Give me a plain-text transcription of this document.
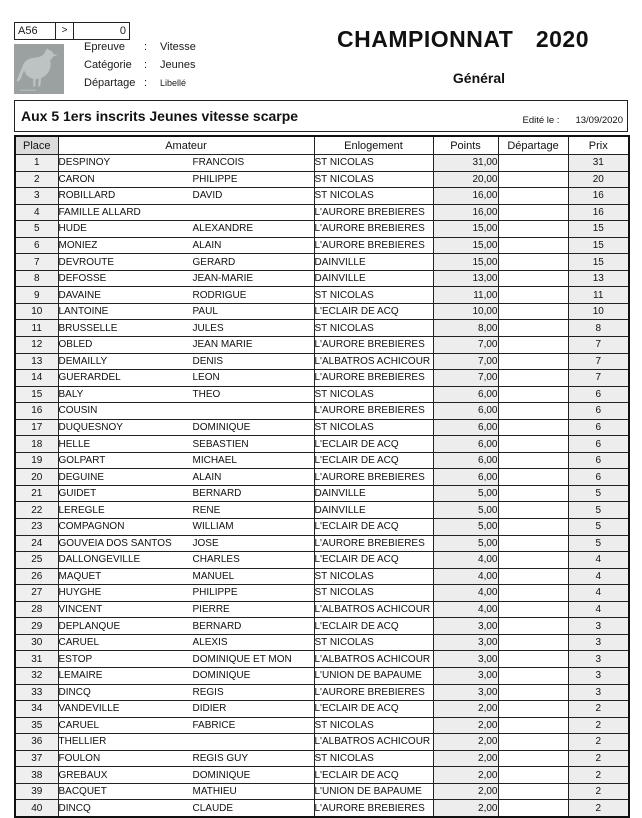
A56	>	0
Epreuve	:	Vitesse
Catégorie	:	Jeunes
Départage :	Libellé
CHAMPIONNAT 2020
Général
Aux 5 1ers inscrits Jeunes vitesse scarpe	Edité le : 13/09/2020
Place	Amateur	Enlogement	Points	Départage	Prix
1	DESPINOY FRANCOIS	ST NICOLAS	31,00		31
2	CARON PHILIPPE	ST NICOLAS	20,00		20
3	ROBILLARD DAVID	ST NICOLAS	16,00		16
4	FAMILLE ALLARD	L'AURORE BREBIERES	16,00		16
5	HUDE ALEXANDRE	L'AURORE BREBIERES	15,00		15
6	MONIEZ ALAIN	L'AURORE BREBIERES	15,00		15
7	DEVROUTE GERARD	DAINVILLE	15,00		15
8	DEFOSSE JEAN-MARIE	DAINVILLE	13,00		13
9	DAVAINE RODRIGUE	ST NICOLAS	11,00		11
10	LANTOINE PAUL	L'ECLAIR DE ACQ	10,00		10
11	BRUSSELLE JULES	ST NICOLAS	8,00		8
12	OBLED JEAN MARIE	L'AURORE BREBIERES	7,00		7
13	DEMAILLY DENIS	L'ALBATROS ACHICOUR	7,00		7
14	GUERARDEL LEON	L'AURORE BREBIERES	7,00		7
15	BALY THEO	ST NICOLAS	6,00		6
16	COUSIN	L'AURORE BREBIERES	6,00		6
17	DUQUESNOY DOMINIQUE	ST NICOLAS	6,00		6
18	HELLE SEBASTIEN	L'ECLAIR DE ACQ	6,00		6
19	GOLPART MICHAEL	L'ECLAIR DE ACQ	6,00		6
20	DEGUINE ALAIN	L'AURORE BREBIERES	6,00		6
21	GUIDET BERNARD	DAINVILLE	5,00		5
22	LEREGLE RENE	DAINVILLE	5,00		5
23	COMPAGNON WILLIAM	L'ECLAIR DE ACQ	5,00		5
24	GOUVEIA DOS SANTOS JOSE	L'AURORE BREBIERES	5,00		5
25	DALLONGEVILLE CHARLES	L'ECLAIR DE ACQ	4,00		4
26	MAQUET MANUEL	ST NICOLAS	4,00		4
27	HUYGHE PHILIPPE	ST NICOLAS	4,00		4
28	VINCENT PIERRE	L'ALBATROS ACHICOUR	4,00		4
29	DEPLANQUE BERNARD	L'ECLAIR DE ACQ	3,00		3
30	CARUEL ALEXIS	ST NICOLAS	3,00		3
31	ESTOP DOMINIQUE ET MON	L'ALBATROS ACHICOUR	3,00		3
32	LEMAIRE DOMINIQUE	L'UNION DE BAPAUME	3,00		3
33	DINCQ REGIS	L'AURORE BREBIERES	3,00		3
34	VANDEVILLE DIDIER	L'ECLAIR DE ACQ	2,00		2
35	CARUEL FABRICE	ST NICOLAS	2,00		2
36	THELLIER	L'ALBATROS ACHICOUR	2,00		2
37	FOULON REGIS GUY	ST NICOLAS	2,00		2
38	GREBAUX DOMINIQUE	L'ECLAIR DE ACQ	2,00		2
39	BACQUET MATHIEU	L'UNION DE BAPAUME	2,00		2
40	DINCQ CLAUDE	L'AURORE BREBIERES	2,00		2
